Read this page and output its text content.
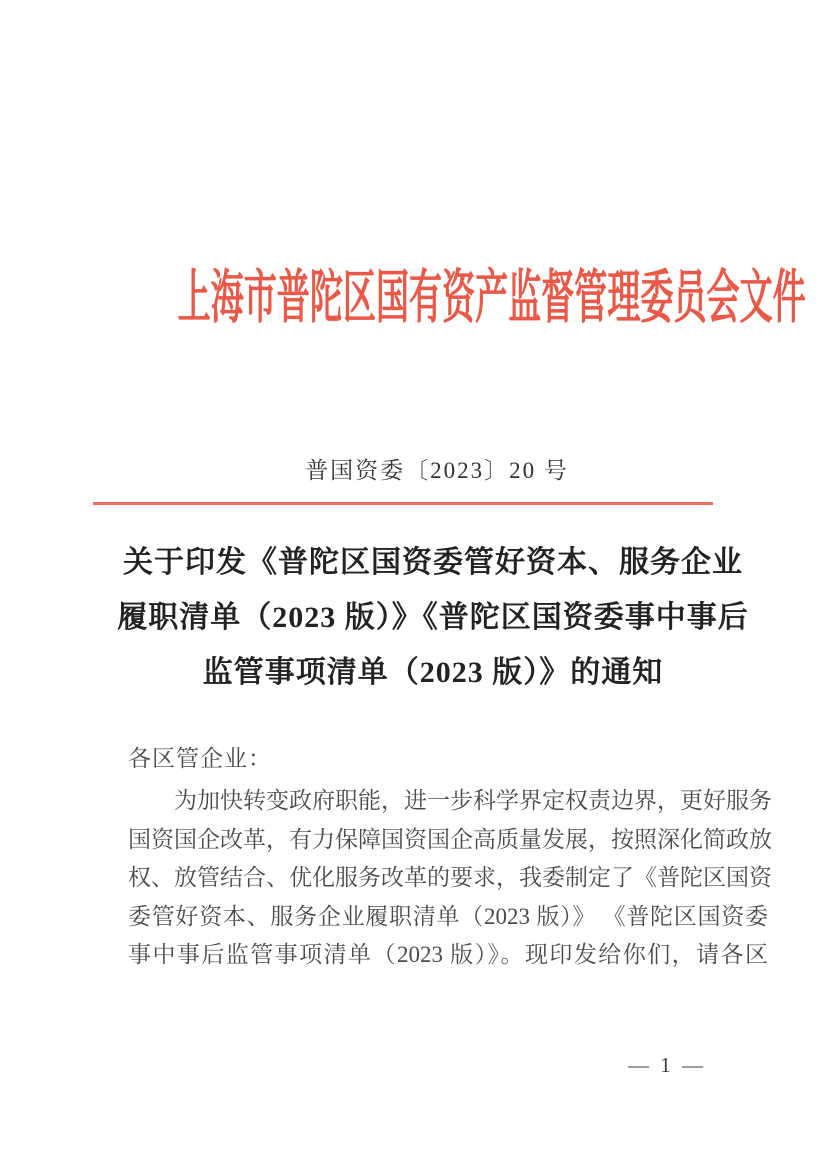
上海市普陀区国有资产监督管理委员会文件
普国资委〔2023〕20 号
关于印发《普陀区国资委管好资本、服务企业
履职清单（2023 版）》《普陀区国资委事中事后
监管事项清单（2023 版）》的通知
各区管企业：
为加快转变政府职能，进一步科学界定权责边界，更好服务
国资国企改革，有力保障国资国企高质量发展，按照深化简政放
权、放管结合、优化服务改革的要求，我委制定了《普陀区国资
委管好资本、服务企业履职清单（2023 版）》 《普陀区国资委
事中事后监管事项清单（2023 版）》。现印发给你们，请各区
— 1 —
